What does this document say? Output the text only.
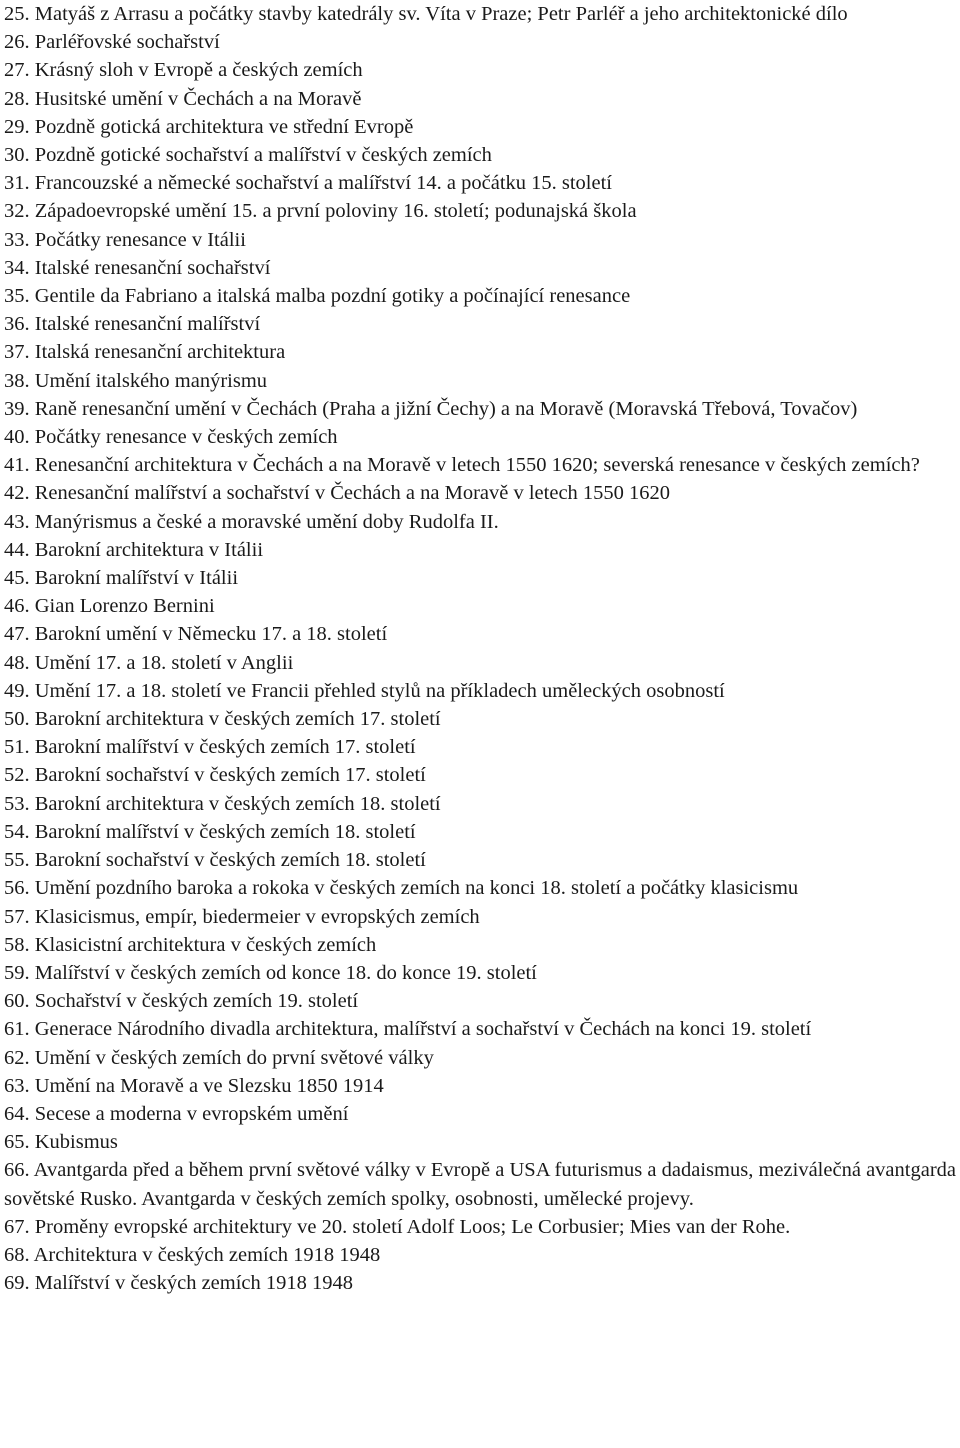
25. Matyáš z Arrasu a počátky stavby katedrály sv. Víta v Praze; Petr Parléř a jeho architektonické dílo
26. Parléřovské sochařství
27. Krásný sloh v Evropě a českých zemích
28. Husitské umění v Čechách a na Moravě
29. Pozdně gotická architektura ve střední Evropě
30. Pozdně gotické sochařství a malířství v českých zemích
31. Francouzské a německé sochařství a malířství 14. a počátku 15. století
32. Západoevropské umění 15. a první poloviny 16. století; podunajská škola
33. Počátky renesance v Itálii
34. Italské renesanční sochařství
35. Gentile da Fabriano a italská malba pozdní gotiky a počínající renesance
36. Italské renesanční malířství
37. Italská renesanční architektura
38. Umění italského manýrismu
39. Raně renesanční umění v Čechách (Praha a jižní Čechy) a na Moravě (Moravská Třebová, Tovačov)
40. Počátky renesance v českých zemích
41. Renesanční architektura v Čechách a na Moravě v letech 1550 1620; severská renesance v českých zemích?
42. Renesanční malířství a sochařství v Čechách a na Moravě v letech 1550 1620
43. Manýrismus a české a moravské umění doby Rudolfa II.
44. Barokní architektura v Itálii
45. Barokní malířství v Itálii
46. Gian Lorenzo Bernini
47. Barokní umění v Německu 17. a 18. století
48. Umění 17. a 18. století v Anglii
49. Umění 17. a 18. století ve Francii přehled stylů na příkladech uměleckých osobností
50. Barokní architektura v českých zemích 17. století
51. Barokní malířství v českých zemích 17. století
52. Barokní sochařství v českých zemích 17. století
53. Barokní architektura v českých zemích 18. století
54. Barokní malířství v českých zemích 18. století
55. Barokní sochařství v českých zemích 18. století
56. Umění pozdního baroka a rokoka v českých zemích na konci 18. století a počátky klasicismu
57. Klasicismus, empír, biedermeier v evropských zemích
58. Klasicistní architektura v českých zemích
59. Malířství v českých zemích od konce 18. do konce 19. století
60. Sochařství v českých zemích 19. století
61. Generace Národního divadla architektura, malířství a sochařství v Čechách na konci 19. století
62. Umění v českých zemích do první světové války
63. Umění na Moravě a ve Slezsku 1850 1914
64. Secese a moderna v evropském umění
65. Kubismus
66. Avantgarda před a během první světové války v Evropě a USA futurismus a dadaismus, meziválečná avantgarda sovětské Rusko. Avantgarda v českých zemích spolky, osobnosti, umělecké projevy.
67. Proměny evropské architektury ve 20. století Adolf Loos; Le Corbusier; Mies van der Rohe.
68. Architektura v českých zemích 1918 1948
69. Malířství v českých zemích 1918 1948
